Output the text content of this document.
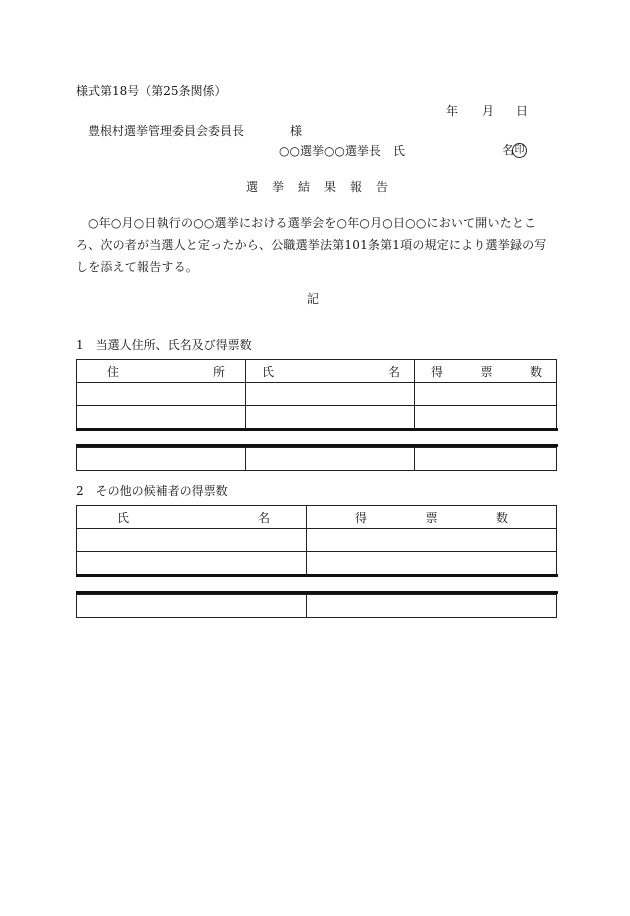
様式第18号（第25条関係）
年 月 日
豊根村選挙管理委員会委員長	様
○○選挙○○選挙長　氏	名印
選　挙　結　果　報　告
○年○月○日執行の○○選挙における選挙会を○年○月○日○○において開いたところ、次の者が当選人と定ったから、公職選挙法第101条第1項の規定により選挙録の写しを添えて報告する。
記
1　当選人住所、氏名及び得票数
住 所	氏 名	得 票 数

2　その他の候補者の得票数
氏 名	得 票 数
